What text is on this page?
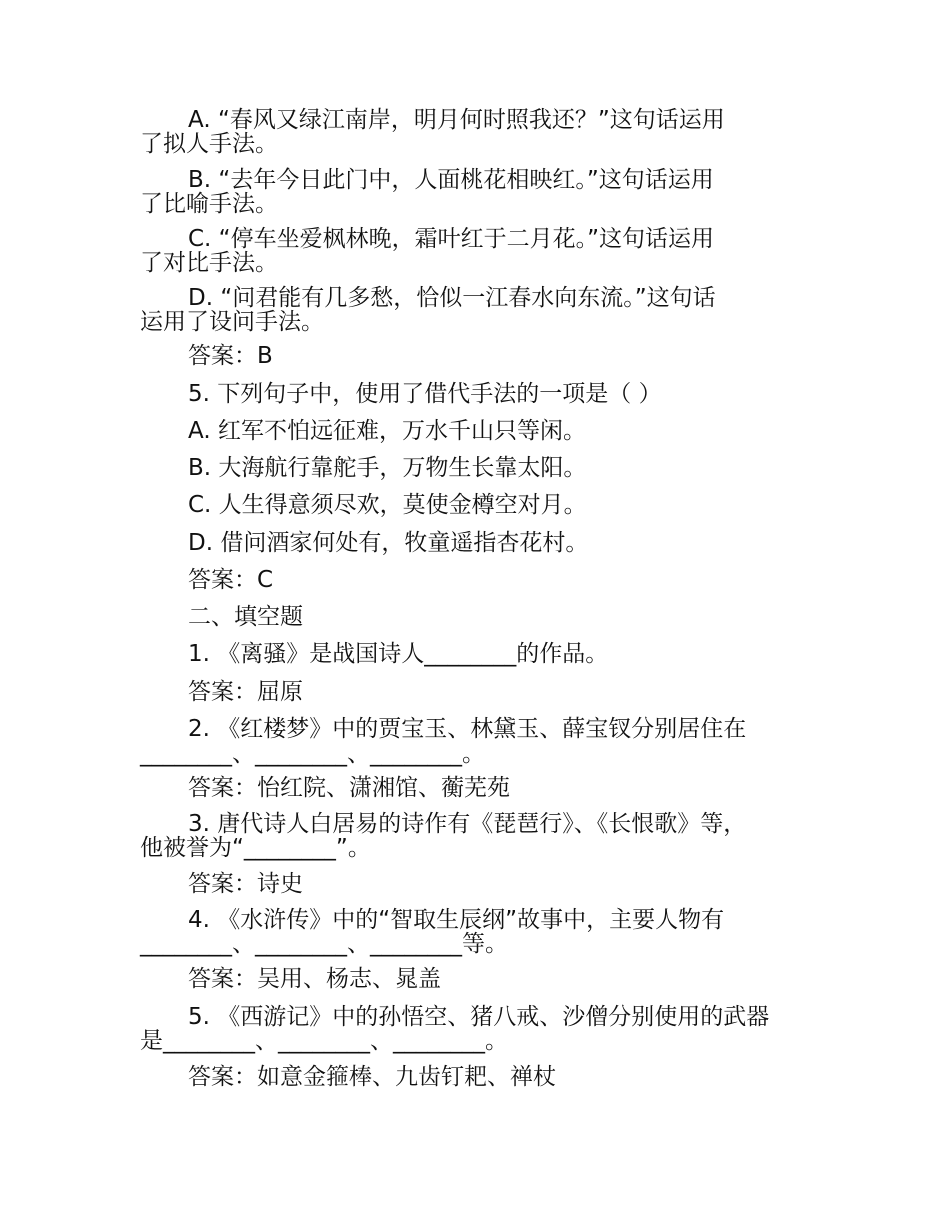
A. “春风又绿江南岸，明月何时照我还？”这句话运用
了拟人手法。
B. “去年今日此门中，人面桃花相映红。”这句话运用
了比喻手法。
C. “停车坐爱枫林晚，霜叶红于二月花。”这句话运用
了对比手法。
D. “问君能有几多愁，恰似一江春水向东流。”这句话
运用了设问手法。
答案：B
5. 下列句子中，使用了借代手法的一项是（ ）
A. 红军不怕远征难，万水千山只等闲。
B. 大海航行靠舵手，万物生长靠太阳。
C. 人生得意须尽欢，莫使金樽空对月。
D. 借问酒家何处有，牧童遥指杏花村。
答案：C
二、填空题
1. 《离骚》是战国诗人________的作品。
答案：屈原
2. 《红楼梦》中的贾宝玉、林黛玉、薛宝钗分别居住在
________、________、________。
答案：怡红院、潇湘馆、蘅芜苑
3. 唐代诗人白居易的诗作有《琵琶行》、《长恨歌》等，
他被誉为“________”。
答案：诗史
4. 《水浒传》中的“智取生辰纲”故事中，主要人物有
________、________、________等。
答案：吴用、杨志、晁盖
5. 《西游记》中的孙悟空、猪八戒、沙僧分别使用的武器
是________、________、________。
答案：如意金箍棒、九齿钉耙、禅杖
